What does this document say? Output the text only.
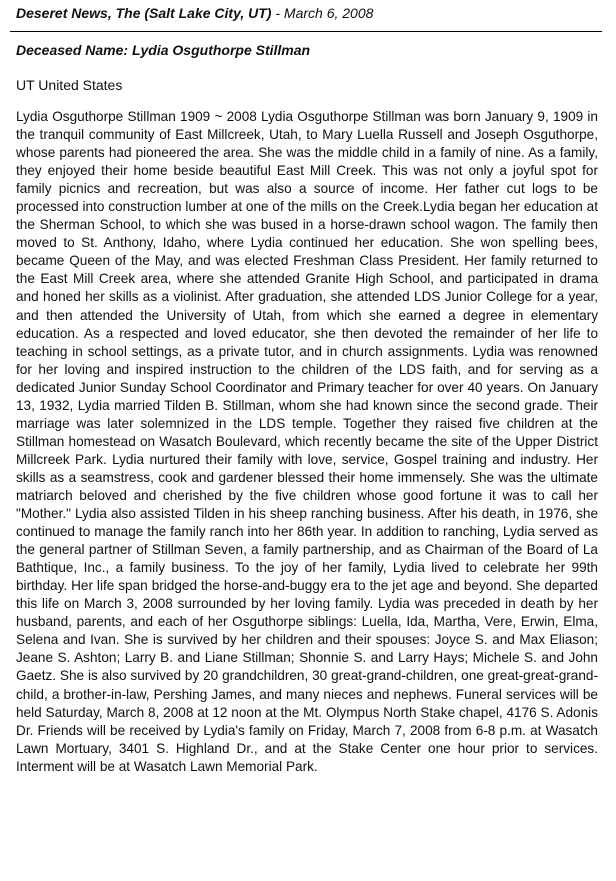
Deseret News, The (Salt Lake City, UT) - March 6, 2008
Deceased Name: Lydia Osguthorpe Stillman
UT United States
Lydia Osguthorpe Stillman 1909 ~ 2008 Lydia Osguthorpe Stillman was born January 9, 1909 in the tranquil community of East Millcreek, Utah, to Mary Luella Russell and Joseph Osguthorpe, whose parents had pioneered the area. She was the middle child in a family of nine. As a family, they enjoyed their home beside beautiful East Mill Creek. This was not only a joyful spot for family picnics and recreation, but was also a source of income. Her father cut logs to be processed into construction lumber at one of the mills on the Creek.Lydia began her education at the Sherman School, to which she was bused in a horse-drawn school wagon. The family then moved to St. Anthony, Idaho, where Lydia continued her education. She won spelling bees, became Queen of the May, and was elected Freshman Class President. Her family returned to the East Mill Creek area, where she attended Granite High School, and participated in drama and honed her skills as a violinist. After graduation, she attended LDS Junior College for a year, and then attended the University of Utah, from which she earned a degree in elementary education. As a respected and loved educator, she then devoted the remainder of her life to teaching in school settings, as a private tutor, and in church assignments. Lydia was renowned for her loving and inspired instruction to the children of the LDS faith, and for serving as a dedicated Junior Sunday School Coordinator and Primary teacher for over 40 years. On January 13, 1932, Lydia married Tilden B. Stillman, whom she had known since the second grade. Their marriage was later solemnized in the LDS temple. Together they raised five children at the Stillman homestead on Wasatch Boulevard, which recently became the site of the Upper District Millcreek Park. Lydia nurtured their family with love, service, Gospel training and industry. Her skills as a seamstress, cook and gardener blessed their home immensely. She was the ultimate matriarch beloved and cherished by the five children whose good fortune it was to call her "Mother." Lydia also assisted Tilden in his sheep ranching business. After his death, in 1976, she continued to manage the family ranch into her 86th year. In addition to ranching, Lydia served as the general partner of Stillman Seven, a family partnership, and as Chairman of the Board of La Bathtique, Inc., a family business. To the joy of her family, Lydia lived to celebrate her 99th birthday. Her life span bridged the horse-and-buggy era to the jet age and beyond. She departed this life on March 3, 2008 surrounded by her loving family. Lydia was preceded in death by her husband, parents, and each of her Osguthorpe siblings: Luella, Ida, Martha, Vere, Erwin, Elma, Selena and Ivan. She is survived by her children and their spouses: Joyce S. and Max Eliason; Jeane S. Ashton; Larry B. and Liane Stillman; Shonnie S. and Larry Hays; Michele S. and John Gaetz. She is also survived by 20 grandchildren, 30 great-grand-children, one great-great-grand-child, a brother-in-law, Pershing James, and many nieces and nephews. Funeral services will be held Saturday, March 8, 2008 at 12 noon at the Mt. Olympus North Stake chapel, 4176 S. Adonis Dr. Friends will be received by Lydia's family on Friday, March 7, 2008 from 6-8 p.m. at Wasatch Lawn Mortuary, 3401 S. Highland Dr., and at the Stake Center one hour prior to services. Interment will be at Wasatch Lawn Memorial Park.
